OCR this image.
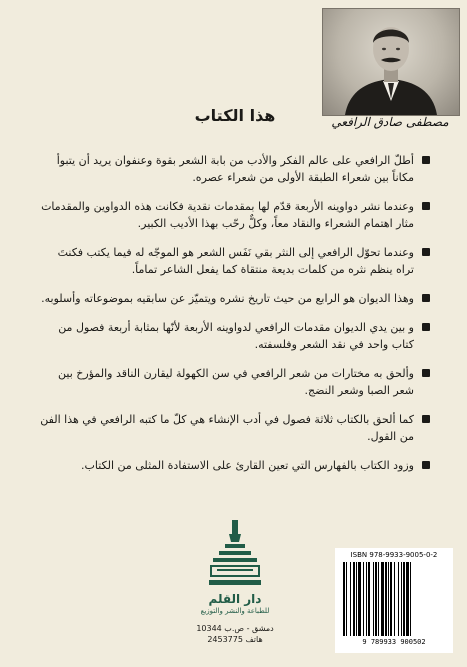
مصطفى صادق الرافعي
هذا الكتاب
أطلّ الرافعي على عالم الفكر والأدب من بابة الشعر بقوة وعنفوان يريد أن يتبوأ مكاناً بين شعراء الطبقة الأولى من شعراء عصره.
وعندما نشر دواوينه الأربعة قدّم لها بمقدمات نقدية فكانت هذه الدواوين والمقدمات مثار اهتمام الشعراء والنقاد معاً، وكلٌّ رحّب بهذا الأديب الكبير.
وعندما تحوّل الرافعي إلى النثر بقي نَفَس الشعر هو الموجّه له فيما يكتب فكنتَ تراه ينظم نثره من كلمات بديعة منتقاة كما يفعل الشاعر تماماً.
وهذا الديوان هو الرابع من حيث تاريخ نشره ويتميّز عن سابقيه بموضوعاته وأسلوبه.
و بين يدي الديوان مقدمات الرافعي لدواوينه الأربعة لأنّها بمثابة أربعة فصول من كتاب واحد في نقد الشعر وفلسفته.
وألحق به مختارات من شعر الرافعي في سن الكهولة ليقارن الناقد والمؤرخ بين شعر الصبا وشعر النضج.
كما ألحق بالكتاب ثلاثة فصول في أدب الإنشاء هي كلّ ما كتبه الرافعي في هذا الفن من القول.
وزود الكتاب بالفهارس التي تعين القارئ على الاستفادة المثلى من الكتاب.
دار القلم
للطباعة والنشر والتوزيع
دمشق - ص.ب 10344
هاتف 2453775
ISBN 978-9933-9005-0-2
9 789933 900502
